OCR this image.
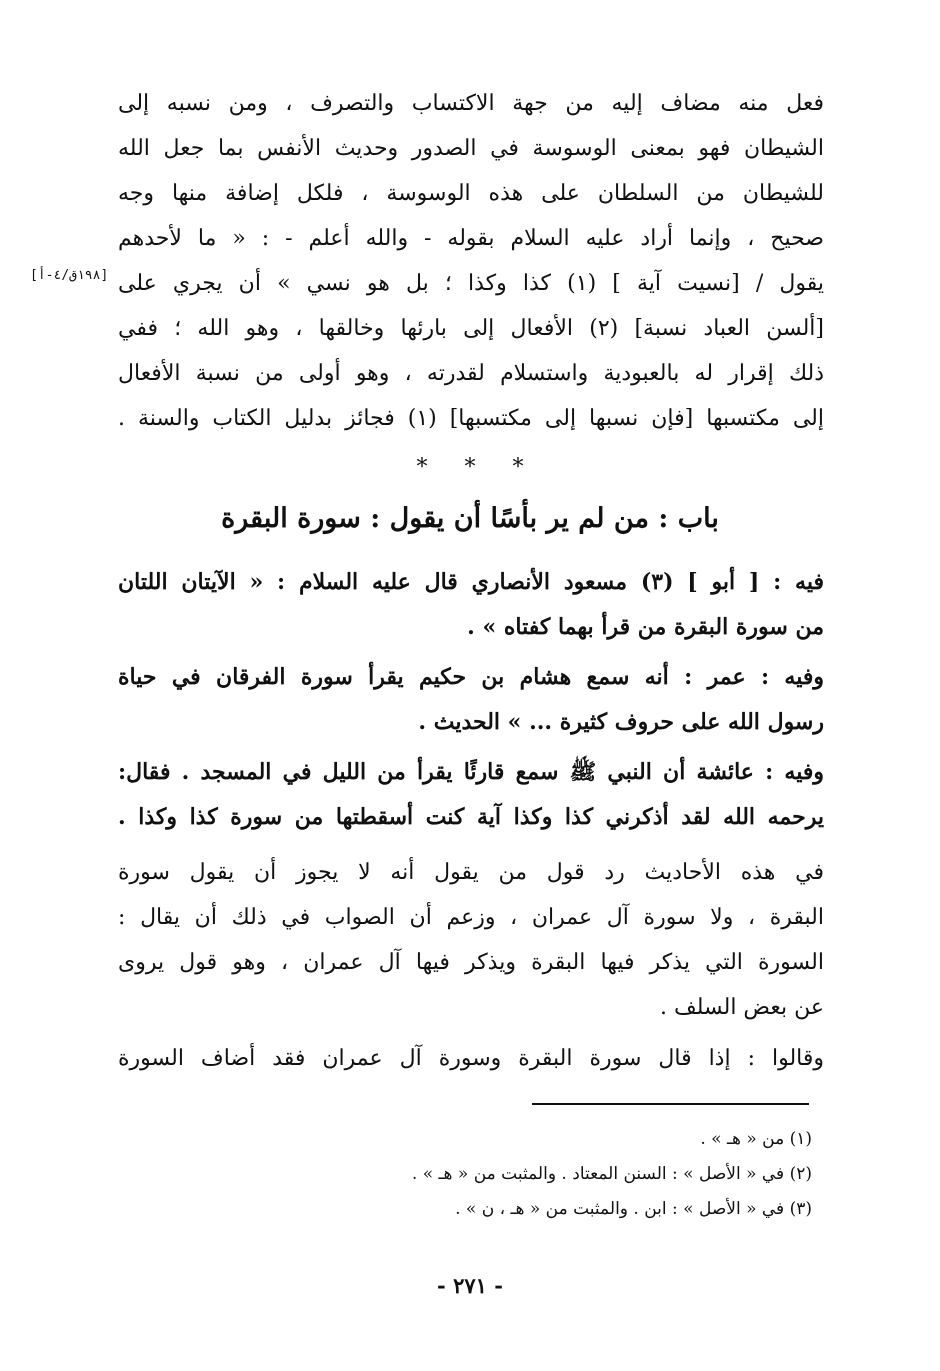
فعل منه مضاف إليه من جهة الاكتساب والتصرف ، ومن نسبه إلى
الشيطان فهو بمعنى الوسوسة في الصدور وحديث الأنفس بما جعل الله
للشيطان من السلطان على هذه الوسوسة ، فلكل إضافة منها وجه
صحيح ، وإنما أراد عليه السلام بقوله - والله أعلم - : « ما لأحدهم
يقول / [نسيت آية ] (١) كذا وكذا ؛ بل هو نسي » أن يجري على
[ألسن العباد نسبة] (٢) الأفعال إلى بارئها وخالقها ، وهو الله ؛ ففي
ذلك إقرار له بالعبودية واستسلام لقدرته ، وهو أولى من نسبة الأفعال
إلى مكتسبها [فإن نسبها إلى مكتسبها] (١) فجائز بدليل الكتاب والسنة .
[١٩٨ق/٤-أ]
* * *
باب : من لم ير بأسًا أن يقول : سورة البقرة
فيه : [ أبو ] (٣) مسعود الأنصاري قال عليه السلام : « الآيتان اللتان
من سورة البقرة من قرأ بهما كفتاه » .
وفيه : عمر : أنه سمع هشام بن حكيم يقرأ سورة الفرقان في حياة
رسول الله على حروف كثيرة ... » الحديث .
وفيه : عائشة أن النبي ﷺ سمع قارئًا يقرأ من الليل في المسجد . فقال:
يرحمه الله لقد أذكرني كذا وكذا آية كنت أسقطتها من سورة كذا وكذا .
في هذه الأحاديث رد قول من يقول أنه لا يجوز أن يقول سورة
البقرة ، ولا سورة آل عمران ، وزعم أن الصواب في ذلك أن يقال :
السورة التي يذكر فيها البقرة ويذكر فيها آل عمران ، وهو قول يروى
عن بعض السلف .
وقالوا : إذا قال سورة البقرة وسورة آل عمران فقد أضاف السورة
(١) من « هـ » .
(٢) في « الأصل » : السنن المعتاد . والمثبت من « هـ » .
(٣) في « الأصل » : ابن . والمثبت من « هـ ، ن » .
- ٢٧١ -
